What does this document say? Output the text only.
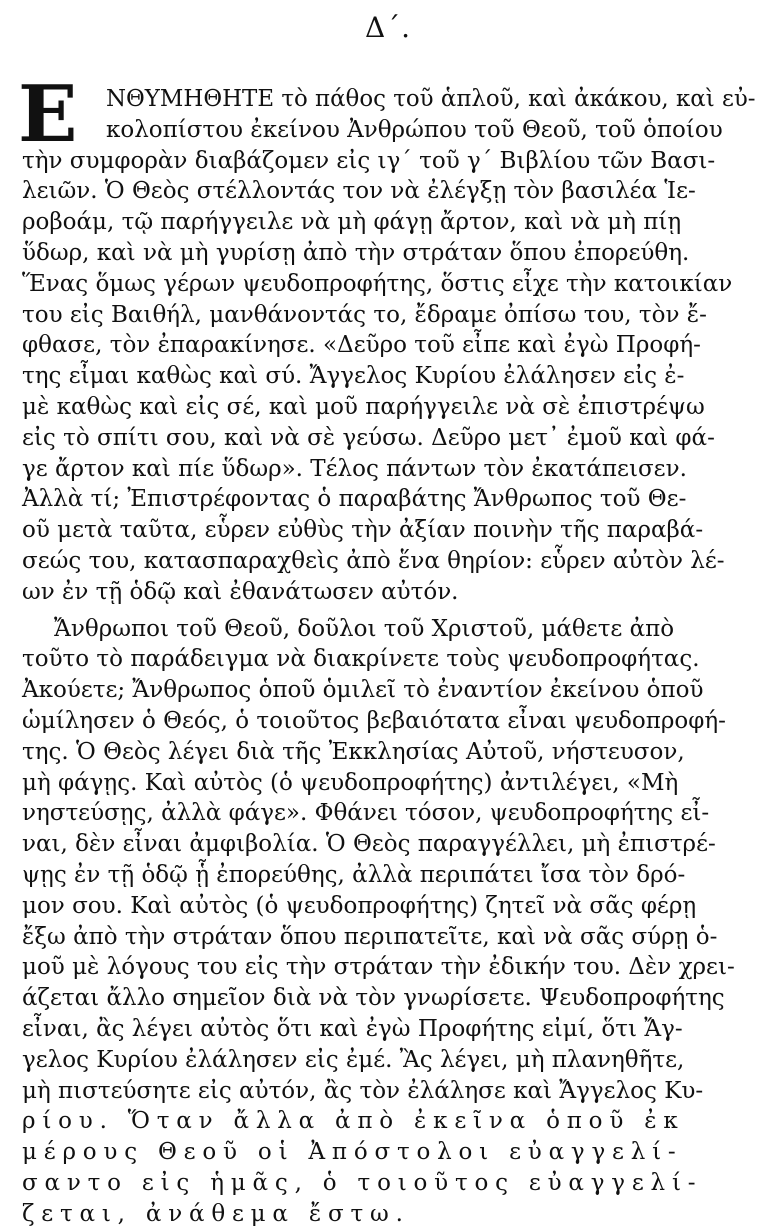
Δ΄.
Ε ΝΘΥΜΗΘΗΤΕ τὸ πάθος τοῦ ἁπλοῦ, καὶ ἀκάκου, καὶ εὐ-
κολοπίστου ἐκείνου Ἀνθρώπου τοῦ Θεοῦ, τοῦ ὁποίου
τὴν συμφορὰν διαβάζομεν εἰς ιγ΄ τοῦ γ΄ Βιβλίου τῶν Βασι-
λειῶν. Ὁ Θεὸς στέλλοντάς τον νὰ ἐλέγξῃ τὸν βασιλέα Ἱε-
ροβοάμ, τῷ παρήγγειλε νὰ μὴ φάγῃ ἄρτον, καὶ νὰ μὴ πίῃ
ὕδωρ, καὶ νὰ μὴ γυρίσῃ ἀπὸ τὴν στράταν ὅπου ἐπορεύθη.
Ἕνας ὅμως γέρων ψευδοπροφήτης, ὅστις εἶχε τὴν κατοικίαν
του εἰς Βαιθήλ, μανθάνοντάς το, ἔδραμε ὀπίσω του, τὸν ἔ-
φθασε, τὸν ἐπαρακίνησε. «Δεῦρο τοῦ εἶπε καὶ ἐγὼ Προφή-
της εἶμαι καθὼς καὶ σύ. Ἄγγελος Κυρίου ἐλάλησεν εἰς ἐ-
μὲ καθὼς καὶ εἰς σέ, καὶ μοῦ παρήγγειλε νὰ σὲ ἐπιστρέψω
εἰς τὸ σπίτι σου, καὶ νὰ σὲ γεύσω. Δεῦρο μετ᾿ ἐμοῦ καὶ φά-
γε ἄρτον καὶ πίε ὕδωρ». Τέλος πάντων τὸν ἐκατάπεισεν.
Ἀλλὰ τί; Ἐπιστρέφοντας ὁ παραβάτης Ἄνθρωπος τοῦ Θε-
οῦ μετὰ ταῦτα, εὗρεν εὐθὺς τὴν ἀξίαν ποινὴν τῆς παραβά-
σεώς του, κατασπαραχθεὶς ἀπὸ ἕνα θηρίον: εὗρεν αὐτὸν λέ-
ων ἐν τῇ ὁδῷ καὶ ἐθανάτωσεν αὐτόν.
Ἄνθρωποι τοῦ Θεοῦ, δοῦλοι τοῦ Χριστοῦ, μάθετε ἀπὸ
τοῦτο τὸ παράδειγμα νὰ διακρίνετε τοὺς ψευδοπροφήτας.
Ἀκούετε; Ἄνθρωπος ὁποῦ ὁμιλεῖ τὸ ἐναντίον ἐκείνου ὁποῦ
ὡμίλησεν ὁ Θεός, ὁ τοιοῦτος βεβαιότατα εἶναι ψευδοπροφή-
της. Ὁ Θεὸς λέγει διὰ τῆς Ἐκκλησίας Αὐτοῦ, νήστευσον,
μὴ φάγῃς. Καὶ αὐτὸς (ὁ ψευδοπροφήτης) ἀντιλέγει, «Μὴ
νηστεύσῃς, ἀλλὰ φάγε». Φθάνει τόσον, ψευδοπροφήτης εἶ-
ναι, δὲν εἶναι ἀμφιβολία. Ὁ Θεὸς παραγγέλλει, μὴ ἐπιστρέ-
ψῃς ἐν τῇ ὁδῷ ᾗ ἐπορεύθης, ἀλλὰ περιπάτει ἴσα τὸν δρό-
μον σου. Καὶ αὐτὸς (ὁ ψευδοπροφήτης) ζητεῖ νὰ σᾶς φέρῃ
ἔξω ἀπὸ τὴν στράταν ὅπου περιπατεῖτε, καὶ νὰ σᾶς σύρῃ ὁ-
μοῦ μὲ λόγους του εἰς τὴν στράταν τὴν ἐδικήν του. Δὲν χρει-
άζεται ἄλλο σημεῖον διὰ νὰ τὸν γνωρίσετε. Ψευδοπροφήτης
εἶναι, ἂς λέγει αὐτὸς ὅτι καὶ ἐγὼ Προφήτης εἰμί, ὅτι Ἄγ-
γελος Κυρίου ἐλάλησεν εἰς ἐμέ. Ἂς λέγει, μὴ πλανηθῆτε,
μὴ πιστεύσητε εἰς αὐτόν, ἂς τὸν ἐλάλησε καὶ Ἄγγελος Κυ-
ρίου. Ὅταν ἄλλα ἀπὸ ἐκεῖνα ὁποῦ ἐκ
μέρους Θεοῦ οἱ Ἀπόστολοι εὐαγγελί-
σαντο εἰς ἡμᾶς, ὁ τοιοῦτος εὐαγγελί-
ζεται, ἀνάθεμα ἔστω.
